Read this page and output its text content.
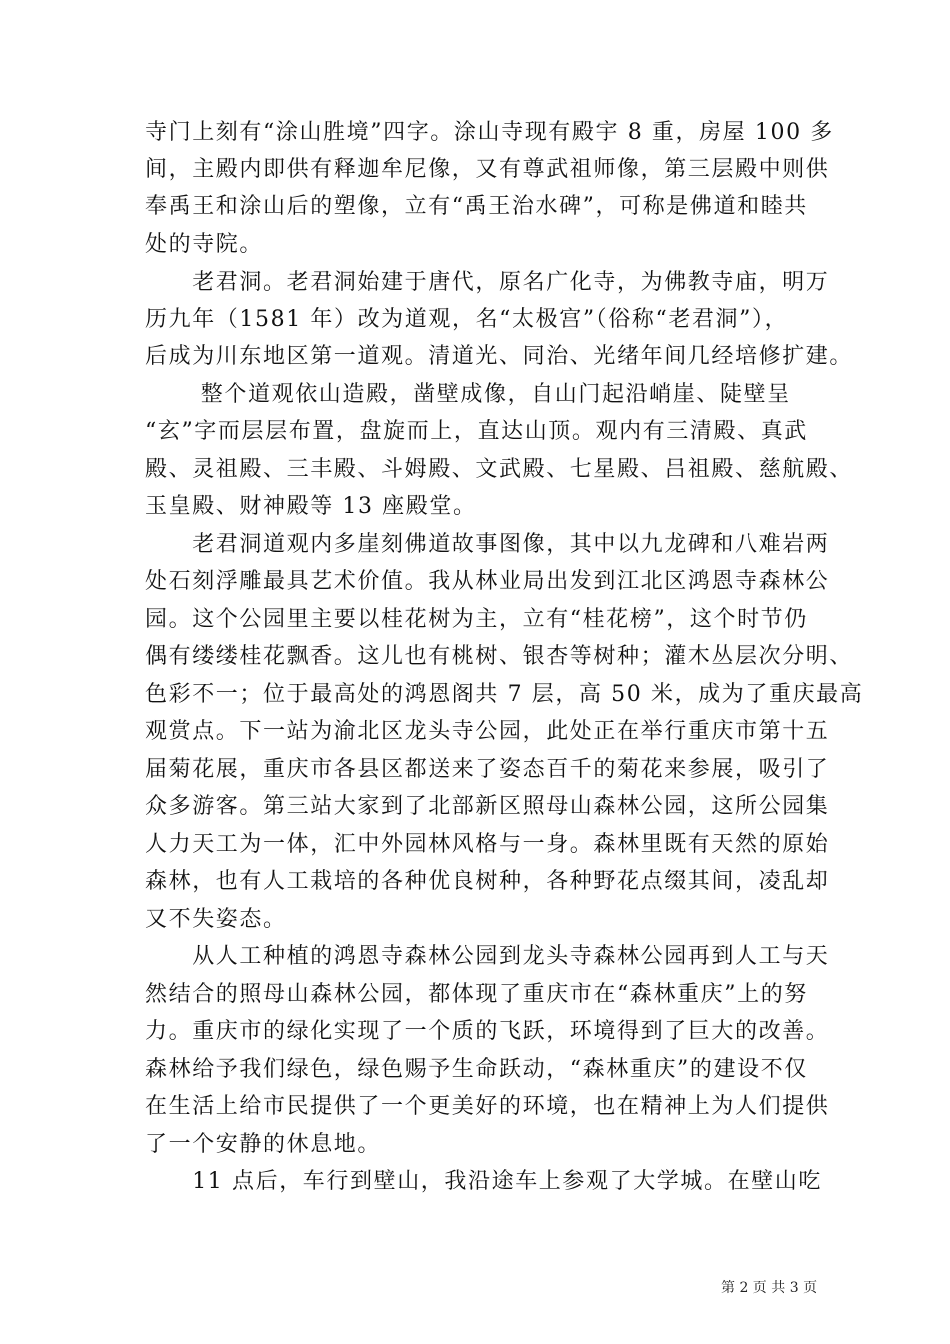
寺门上刻有“涂山胜境”四字。涂山寺现有殿宇 8 重，房屋 100 多
间，主殿内即供有释迦牟尼像，又有尊武祖师像，第三层殿中则供
奉禹王和涂山后的塑像，立有“禹王治水碑”，可称是佛道和睦共
处的寺院。
　　老君洞。老君洞始建于唐代，原名广化寺，为佛教寺庙，明万
历九年（1581 年）改为道观，名“太极宫”（俗称“老君洞”），
后成为川东地区第一道观。清道光、同治、光绪年间几经培修扩建。
　　 整个道观依山造殿，凿壁成像，自山门起沿峭崖、陡壁呈
“玄”字而层层布置，盘旋而上，直达山顶。观内有三清殿、真武
殿、灵祖殿、三丰殿、斗姆殿、文武殿、七星殿、吕祖殿、慈航殿、
玉皇殿、财神殿等 13 座殿堂。
　　老君洞道观内多崖刻佛道故事图像，其中以九龙碑和八难岩两
处石刻浮雕最具艺术价值。我从林业局出发到江北区鸿恩寺森林公
园。这个公园里主要以桂花树为主，立有“桂花榜”，这个时节仍
偶有缕缕桂花飘香。这儿也有桃树、银杏等树种；灌木丛层次分明、
色彩不一；位于最高处的鸿恩阁共 7 层，高 50 米，成为了重庆最高
观赏点。下一站为渝北区龙头寺公园，此处正在举行重庆市第十五
届菊花展，重庆市各县区都送来了姿态百千的菊花来参展，吸引了
众多游客。第三站大家到了北部新区照母山森林公园，这所公园集
人力天工为一体，汇中外园林风格与一身。森林里既有天然的原始
森林，也有人工栽培的各种优良树种，各种野花点缀其间，凌乱却
又不失姿态。
　　从人工种植的鸿恩寺森林公园到龙头寺森林公园再到人工与天
然结合的照母山森林公园，都体现了重庆市在“森林重庆”上的努
力。重庆市的绿化实现了一个质的飞跃，环境得到了巨大的改善。
森林给予我们绿色，绿色赐予生命跃动，“森林重庆”的建设不仅
在生活上给市民提供了一个更美好的环境，也在精神上为人们提供
了一个安静的休息地。
　　11 点后，车行到壁山，我沿途车上参观了大学城。在壁山吃
第 2 页 共 3 页
